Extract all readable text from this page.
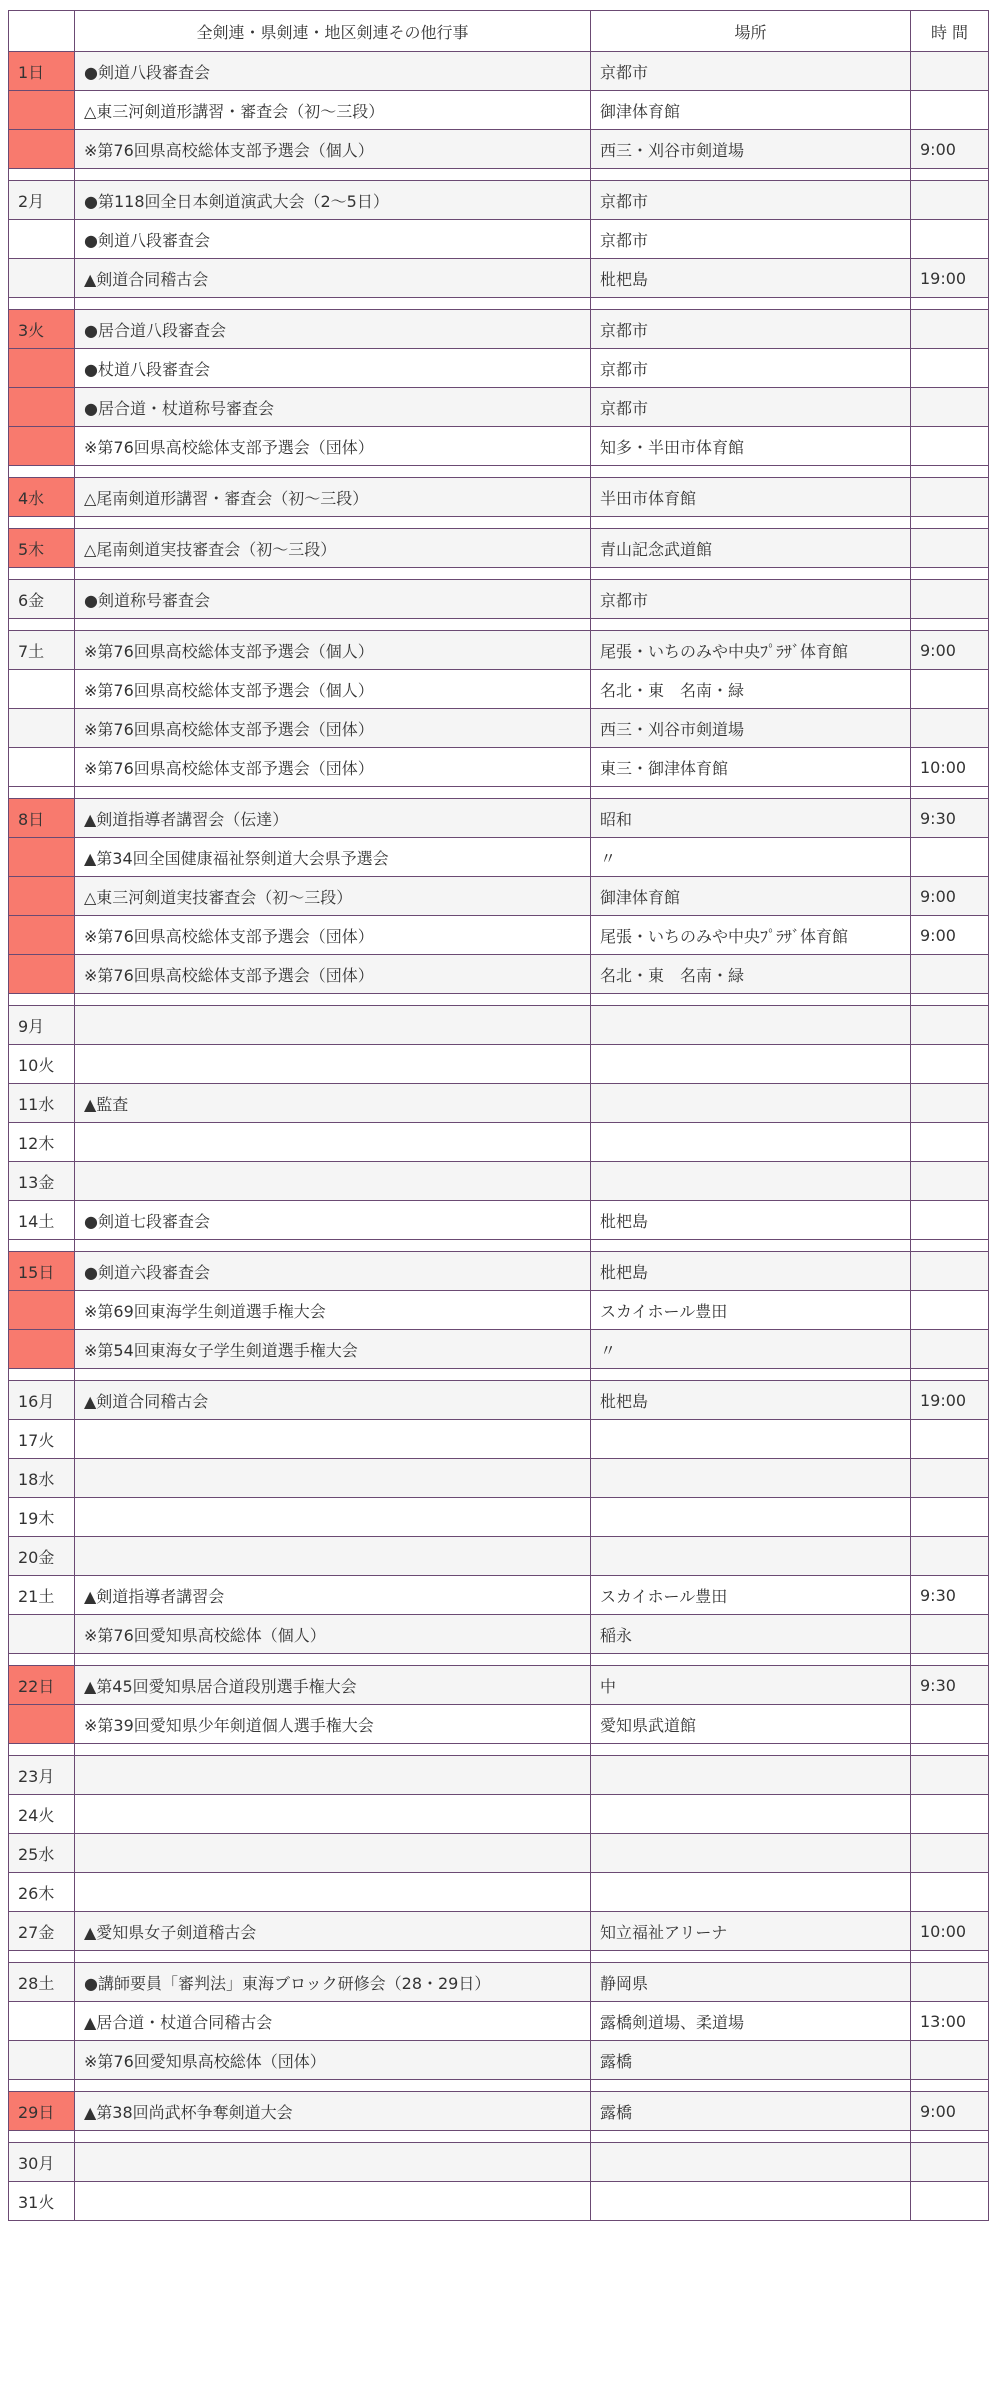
	全剣連・県剣連・地区剣連その他行事	場所	時 間
1日	●剣道八段審査会	京都市	
	△東三河剣道形講習・審査会（初～三段）	御津体育館	
	※第76回県高校総体支部予選会（個人）	西三・刈谷市剣道場	9:00

2月	●第118回全日本剣道演武大会（2～5日）	京都市	
	●剣道八段審査会	京都市	
	▲剣道合同稽古会	枇杷島	19:00

3火	●居合道八段審査会	京都市	
	●杖道八段審査会	京都市	
	●居合道・杖道称号審査会	京都市	
	※第76回県高校総体支部予選会（団体）	知多・半田市体育館	

4水	△尾南剣道形講習・審査会（初～三段）	半田市体育館	

5木	△尾南剣道実技審査会（初～三段）	青山記念武道館	

6金	●剣道称号審査会	京都市	

7土	※第76回県高校総体支部予選会（個人）	尾張・いちのみや中央ﾌﾟﾗｻﾞ体育館	9:00
	※第76回県高校総体支部予選会（個人）	名北・東　名南・緑	
	※第76回県高校総体支部予選会（団体）	西三・刈谷市剣道場	
	※第76回県高校総体支部予選会（団体）	東三・御津体育館	10:00

8日	▲剣道指導者講習会（伝達）	昭和	9:30
	▲第34回全国健康福祉祭剣道大会県予選会	〃	
	△東三河剣道実技審査会（初～三段）	御津体育館	9:00
	※第76回県高校総体支部予選会（団体）	尾張・いちのみや中央ﾌﾟﾗｻﾞ体育館	9:00
	※第76回県高校総体支部予選会（団体）	名北・東　名南・緑	

9月			
10火			
11水	▲監査		
12木			
13金			
14土	●剣道七段審査会	枇杷島	

15日	●剣道六段審査会	枇杷島	
	※第69回東海学生剣道選手権大会	スカイホール豊田	
	※第54回東海女子学生剣道選手権大会	〃	

16月	▲剣道合同稽古会	枇杷島	19:00
17火			
18水			
19木			
20金			
21土	▲剣道指導者講習会	スカイホール豊田	9:30
	※第76回愛知県高校総体（個人）	稲永	

22日	▲第45回愛知県居合道段別選手権大会	中	9:30
	※第39回愛知県少年剣道個人選手権大会	愛知県武道館	

23月			
24火			
25水			
26木			
27金	▲愛知県女子剣道稽古会	知立福祉アリーナ	10:00

28土	●講師要員「審判法」東海ブロック研修会（28・29日）	静岡県	
	▲居合道・杖道合同稽古会	露橋剣道場、柔道場	13:00
	※第76回愛知県高校総体（団体）	露橋	

29日	▲第38回尚武杯争奪剣道大会	露橋	9:00

30月			
31火			
